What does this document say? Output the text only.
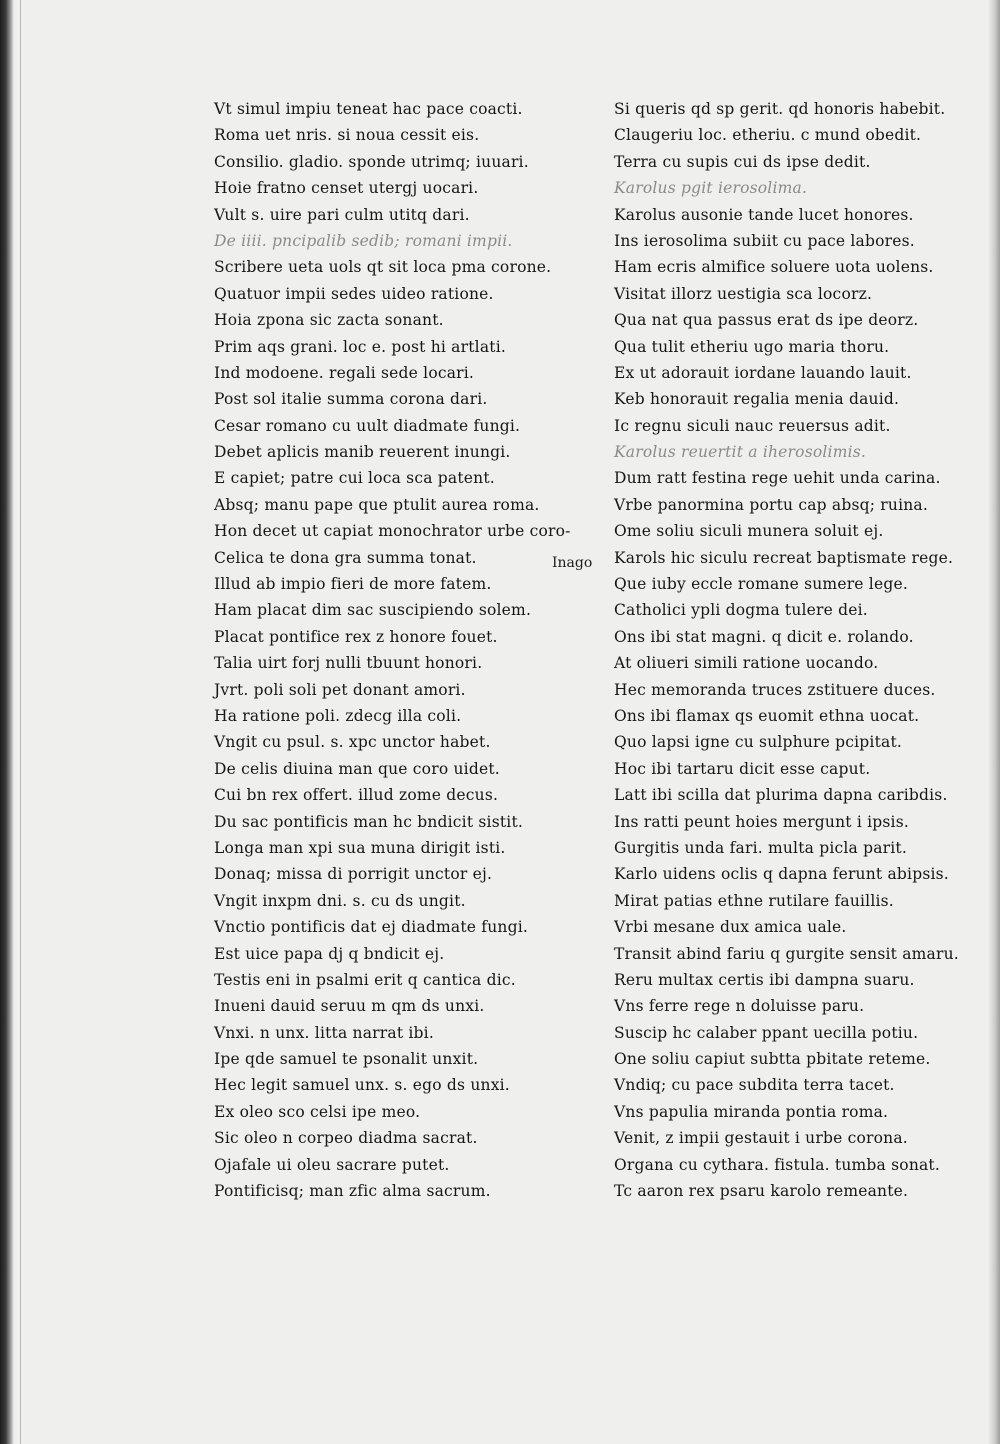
Vt simul impiu teneat hac pace coacti.
Roma uet nris. si noua cessit eis.
Consilio. gladio. sponde utrimq; iuuari.
Hoie fratno censet utergj uocari.
Vult s. uire pari culm utitq dari.
De iiii. pncipalib sedib; romani impii.
Scribere ueta uols qt sit loca pma corone.
Quatuor impii sedes uideo ratione.
Hoia zpona sic zacta sonant.
Prim aqs grani. loc e. post hi artlati.
Ind modoene. regali sede locari.
Post sol italie summa corona dari.
Cesar romano cu uult diadmate fungi.
Debet aplicis manib reuerent inungi.
E capiet; patre cui loca sca patent.
Absq; manu pape que ptulit aurea roma.
Hon decet ut capiat monochrator urbe coro-
Celica te dona gra summa tonat.
Illud ab impio fieri de more fatem.
Ham placat dim sac suscipiendo solem.
Placat pontifice rex z honore fouet.
Talia uirt forj nulli tbuunt honori.
Jvrt. poli soli pet donant amori.
Ha ratione poli. zdecg illa coli.
Vngit cu psul. s. xpc unctor habet.
De celis diuina man que coro uidet.
Cui bn rex offert. illud zome decus.
Du sac pontificis man hc bndicit sistit.
Longa man xpi sua muna dirigit isti.
Donaq; missa di porrigit unctor ej.
Vngit inxpm dni. s. cu ds ungit.
Vnctio pontificis dat ej diadmate fungi.
Est uice papa dj q bndicit ej.
Testis eni in psalmi erit q cantica dic.
Inueni dauid seruu m qm ds unxi.
Vnxi. n unx. litta narrat ibi.
Ipe qde samuel te psonalit unxit.
Hec legit samuel unx. s. ego ds unxi.
Ex oleo sco celsi ipe meo.
Sic oleo n corpeo diadma sacrat.
Ojafale ui oleu sacrare putet.
Pontificisq; man zfic alma sacrum.
Si queris qd sp gerit. qd honoris habebit.
Claugeriu loc. etheriu. c mund obedit.
Terra cu supis cui ds ipse dedit.
Karolus pgit ierosolima.
Karolus ausonie tande lucet honores.
Ins ierosolima subiit cu pace labores.
Ham ecris almifice soluere uota uolens.
Visitat illorz uestigia sca locorz.
Qua nat qua passus erat ds ipe deorz.
Qua tulit etheriu ugo maria thoru.
Ex ut adorauit iordane lauando lauit.
Keb honorauit regalia menia dauid.
Ic regnu siculi nauc reuersus adit.
Karolus reuertit a iherosolimis.
Dum ratt festina rege uehit unda carina.
Vrbe panormina portu cap absq; ruina.
Ome soliu siculi munera soluit ej.
Karols hic siculu recreat baptismate rege.
Que iuby eccle romane sumere lege.
Catholici ypli dogma tulere dei.
Ons ibi stat magni. q dicit e. rolando.
At oliueri simili ratione uocando.
Hec memoranda truces zstituere duces.
Ons ibi flamax qs euomit ethna uocat.
Quo lapsi igne cu sulphure pcipitat.
Hoc ibi tartaru dicit esse caput.
Latt ibi scilla dat plurima dapna caribdis.
Ins ratti peunt hoies mergunt i ipsis.
Gurgitis unda fari. multa picla parit.
Karlo uidens oclis q dapna ferunt abipsis.
Mirat patias ethne rutilare fauillis.
Vrbi mesane dux amica uale.
Transit abind fariu q gurgite sensit amaru.
Reru multax certis ibi dampna suaru.
Vns ferre rege n doluisse paru.
Suscip hc calaber ppant uecilla potiu.
One soliu capiut subtta pbitate reteme.
Vndiq; cu pace subdita terra tacet.
Vns papulia miranda pontia roma.
Venit, z impii gestauit i urbe corona.
Organa cu cythara. fistula. tumba sonat.
Tc aaron rex psaru karolo remeante.
Inago
